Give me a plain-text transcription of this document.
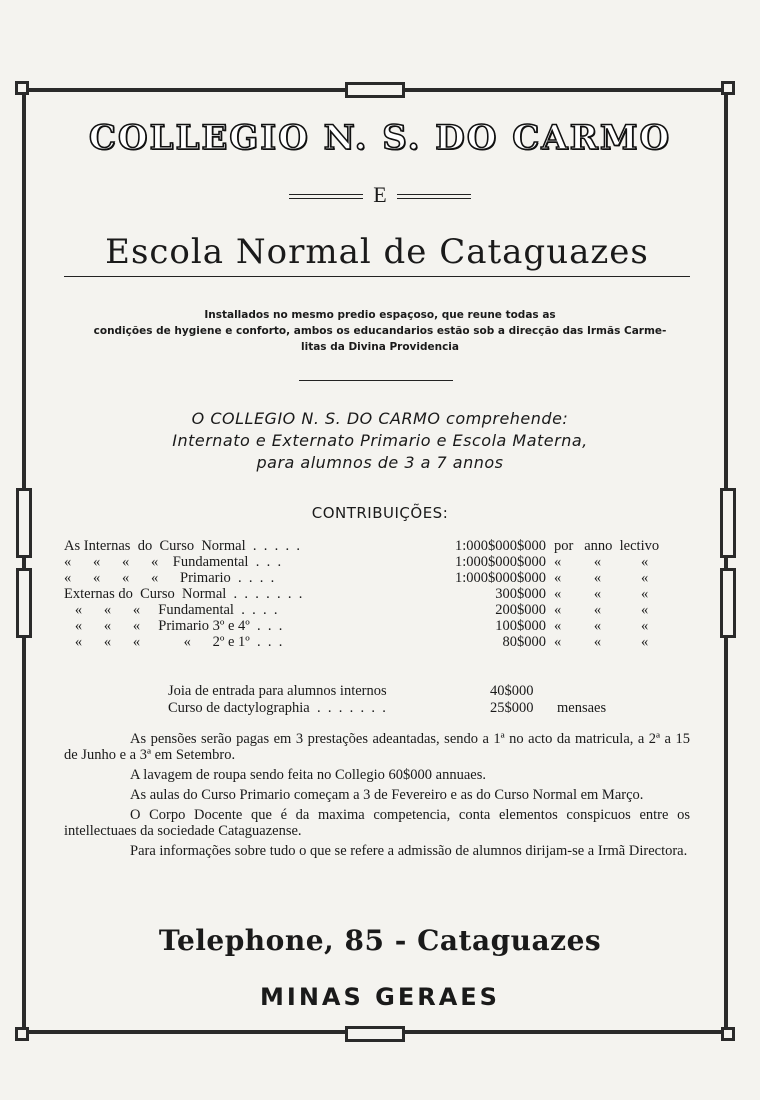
COLLEGIO N. S. DO CARMO
E
Escola Normal de Cataguazes
Installados no mesmo predio espaçoso, que reune todas as
condições de hygiene e conforto, ambos os educandarios estão sob a direcção das Irmãs Carme-
litas da Divina Providencia
O COLLEGIO N. S. DO CARMO comprehende:
Internato e Externato Primario e Escola Materna,
para alumnos de 3 a 7 annos
CONTRIBUIÇÕES:
As Internas  do  Curso  Normal  .  .  .  .  .	1:000$000$000 por   anno  lectivo
«      «      «      «    Fundamental  .  .  .	1:000$000$000 «         «           «
«      «      «      «      Primario  .  .  .  .	1:000$000$000 «         «           «
Externas do  Curso  Normal  .  .  .  .  .  .  .	300$000 «         «           «
«      «      «     Fundamental  .  .  .  .	200$000 «         «           «
«      «      «     Primario 3º e 4º  .  .  .	100$000 «         «           «
«      «      «            «      2º e 1º  .  .  .	80$000 «         «           «
Joia de entrada para alumnos internos	40$000
Curso de dactylographia  .  .  .  .  .  .  .	25$000 mensaes

As pensões serão pagas em 3 prestações adeantadas, sendo a 1ª no acto da matricula, a 2ª a 15 de Junho e a 3ª em Setembro.

A lavagem de roupa sendo feita no Collegio 60$000 annuaes.

As aulas do Curso Primario começam a 3 de Fevereiro e as do Curso Normal em Março.

O Corpo Docente que é da maxima competencia, conta elementos conspicuos entre os intellectuaes da sociedade Cataguazense.

Para informações sobre tudo o que se refere a admissão de alumnos dirijam-se a Irmã Directora.

Telephone, 85 - Cataguazes
MINAS GERAES
